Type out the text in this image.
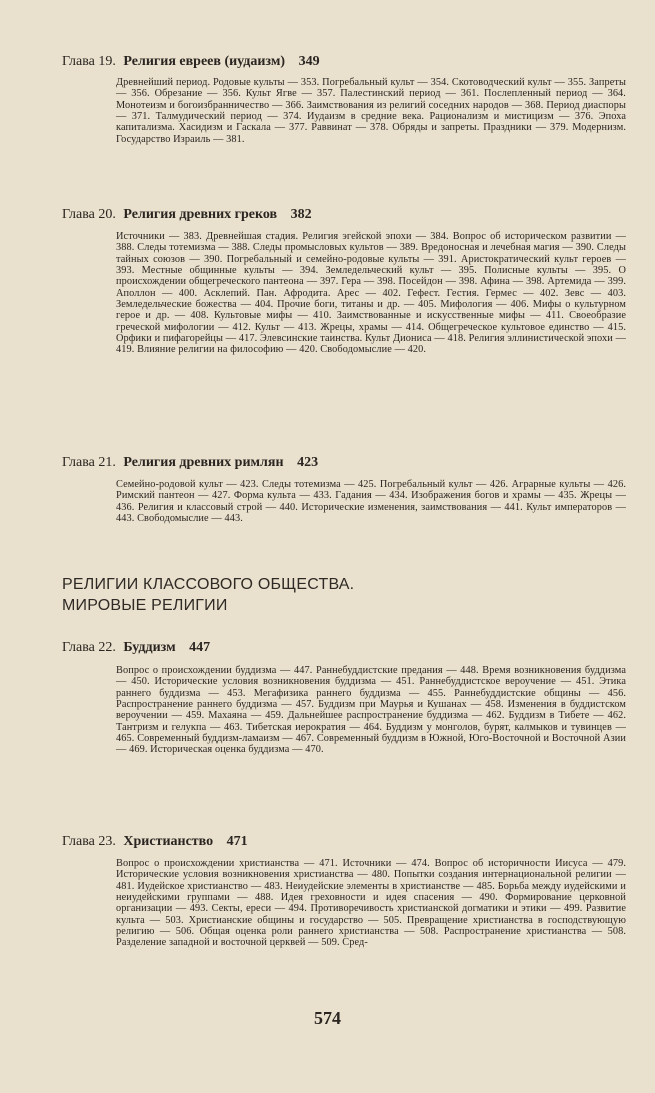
Глава 19. Религия евреев (иудаизм) 349
Древнейший период. Родовые культы — 353. Погребальный культ — 354. Скотоводческий культ — 355. Запреты — 356. Обрезание — 356. Культ Ягве — 357. Палестинский период — 361. Послепленный период — 364. Монотеизм и богоизбранничество — 366. Заимствования из религий соседних народов — 368. Период диаспоры — 371. Талмудический период — 374. Иудаизм в средние века. Рационализм и мистицизм — 376. Эпоха капитализма. Хасидизм и Гаскала — 377. Раввинат — 378. Обряды и запреты. Праздники — 379. Модернизм. Государство Израиль — 381.
Глава 20. Религия древних греков 382
Источники — 383. Древнейшая стадия. Религия эгейской эпохи — 384. Вопрос об историческом развитии — 388. Следы тотемизма — 388. Следы промысловых культов — 389. Вредоносная и лечебная магия — 390. Следы тайных союзов — 390. Погребальный и семейно-родовые культы — 391. Аристократический культ героев — 393. Местные общинные культы — 394. Земледельческий культ — 395. Полисные культы — 395. О происхождении общегреческого пантеона — 397. Гера — 398. Посейдон — 398. Афина — 398. Артемида — 399. Аполлон — 400. Асклепий. Пан. Афродита. Арес — 402. Гефест. Гестия. Гермес — 402. Зевс — 403. Земледельческие божества — 404. Прочие боги, титаны и др. — 405. Мифология — 406. Мифы о культурном герое и др. — 408. Культовые мифы — 410. Заимствованные и искусственные мифы — 411. Своеобразие греческой мифологии — 412. Культ — 413. Жрецы, храмы — 414. Общегреческое культовое единство — 415. Орфики и пифагорейцы — 417. Элевсинские таинства. Культ Диониса — 418. Религия эллинистической эпохи — 419. Влияние религии на философию — 420. Свободомыслие — 420.
Глава 21. Религия древних римлян 423
Семейно-родовой культ — 423. Следы тотемизма — 425. Погребальный культ — 426. Аграрные культы — 426. Римский пантеон — 427. Форма культа — 433. Гадания — 434. Изображения богов и храмы — 435. Жрецы — 436. Религия и классовый строй — 440. Исторические изменения, заимствования — 441. Культ императоров — 443. Свободомыслие — 443.
РЕЛИГИИ КЛАССОВОГО ОБЩЕСТВА.
МИРОВЫЕ РЕЛИГИИ
Глава 22. Буддизм 447
Вопрос о происхождении буддизма — 447. Раннебуддистские предания — 448. Время возникновения буддизма — 450. Исторические условия возникновения буддизма — 451. Раннебуддистское вероучение — 451. Этика раннего буддизма — 453. Мегафизика раннего буддизма — 455. Раннебуддистские общины — 456. Распространение раннего буддизма — 457. Буддизм при Маурья и Кушанах — 458. Изменения в буддистском вероучении — 459. Махаяна — 459. Дальнейшее распространение буддизма — 462. Буддизм в Тибете — 462. Тантризм и гелукпа — 463. Тибетская иерократия — 464. Буддизм у монголов, бурят, калмыков и тувинцев — 465. Современный буддизм-ламаизм — 467. Современный буддизм в Южной, Юго-Восточной и Восточной Азии — 469. Историческая оценка буддизма — 470.
Глава 23. Христианство 471
Вопрос о происхождении христианства — 471. Источники — 474. Вопрос об историчности Иисуса — 479. Исторические условия возникновения христианства — 480. Попытки создания интернациональной религии — 481. Иудейское христианство — 483. Неиудейские элементы в христианстве — 485. Борьба между иудейскими и неиудейскими группами — 488. Идея греховности и идея спасения — 490. Формирование церковной организации — 493. Секты, ереси — 494. Противоречивость христианской догматики и этики — 499. Развитие культа — 503. Христианские общины и государство — 505. Превращение христианства в господствующую религию — 506. Общая оценка роли раннего христианства — 508. Распространение христианства — 508. Разделение западной и восточной церквей — 509. Сред-
574
